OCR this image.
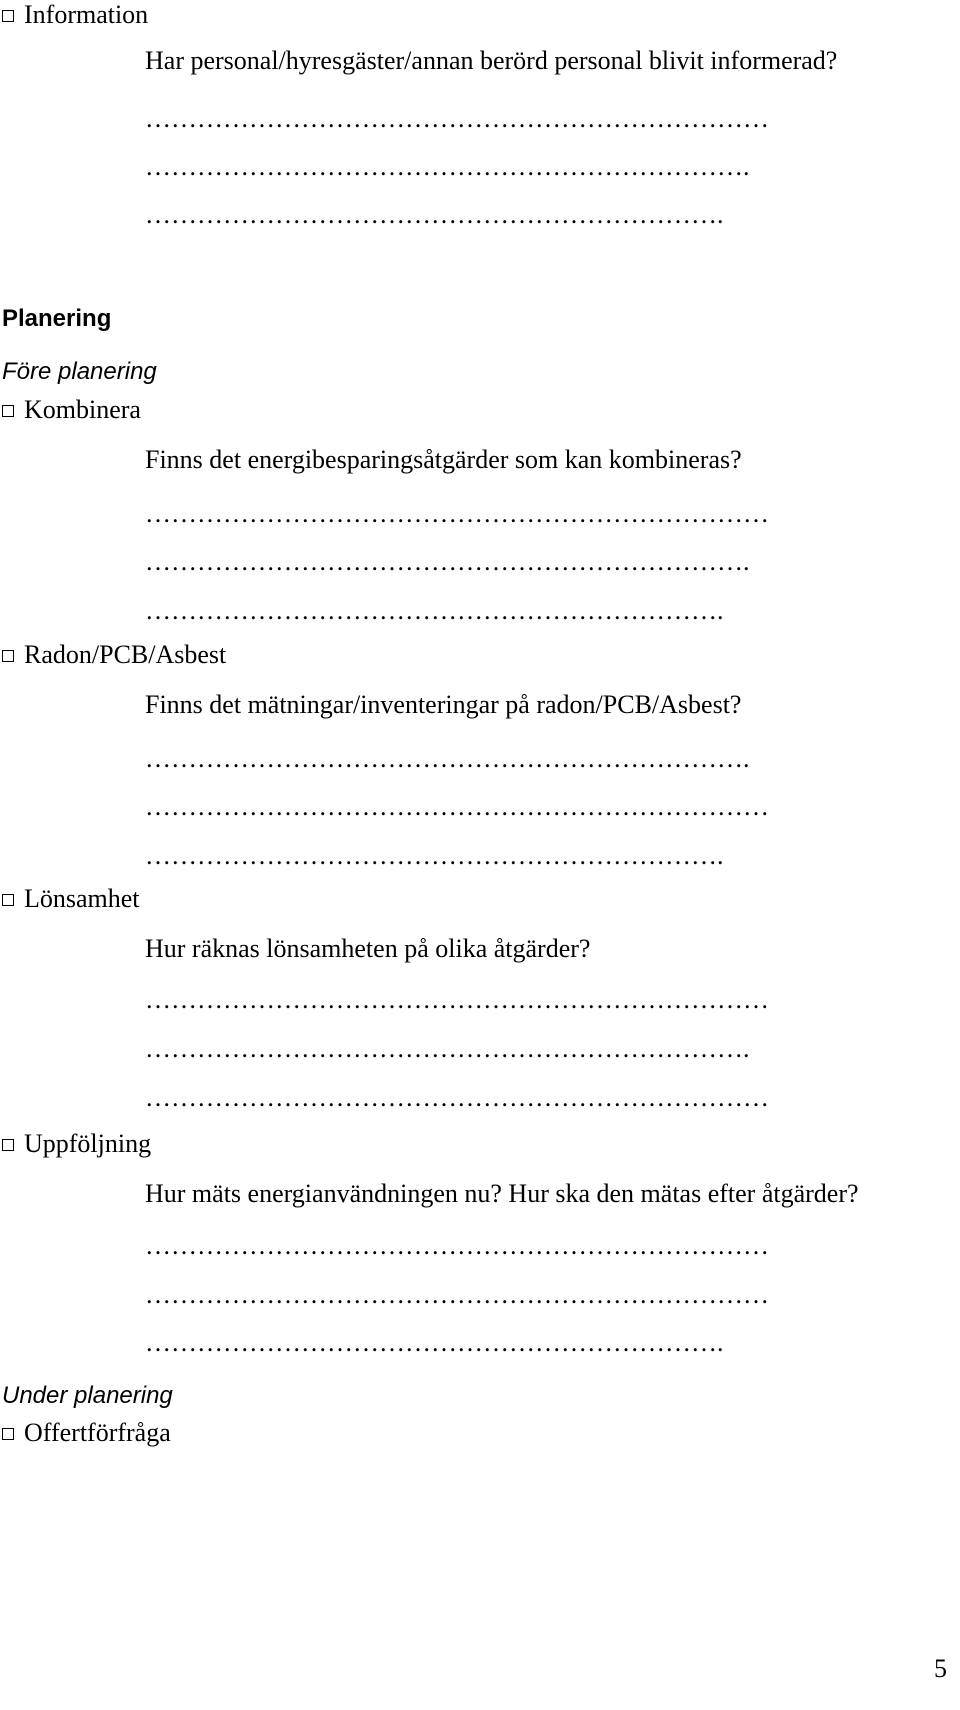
Information
Har personal/hyresgäster/annan berörd personal blivit informerad?
………………………………………………………………
…………………………………………………………….
………………………………………………………….
Planering
Före planering
Kombinera
Finns det energibesparingsåtgärder som kan kombineras?
………………………………………………………………
…………………………………………………………….
………………………………………………………….
Radon/PCB/Asbest
Finns det mätningar/inventeringar på radon/PCB/Asbest?
…………………………………………………………….
………………………………………………………………
………………………………………………………….
Lönsamhet
Hur räknas lönsamheten på olika åtgärder?
………………………………………………………………
…………………………………………………………….
………………………………………………………………
Uppföljning
Hur mäts energianvändningen nu? Hur ska den mätas efter åtgärder?
………………………………………………………………
………………………………………………………………
………………………………………………………….
Under planering
Offertförfråga
5
